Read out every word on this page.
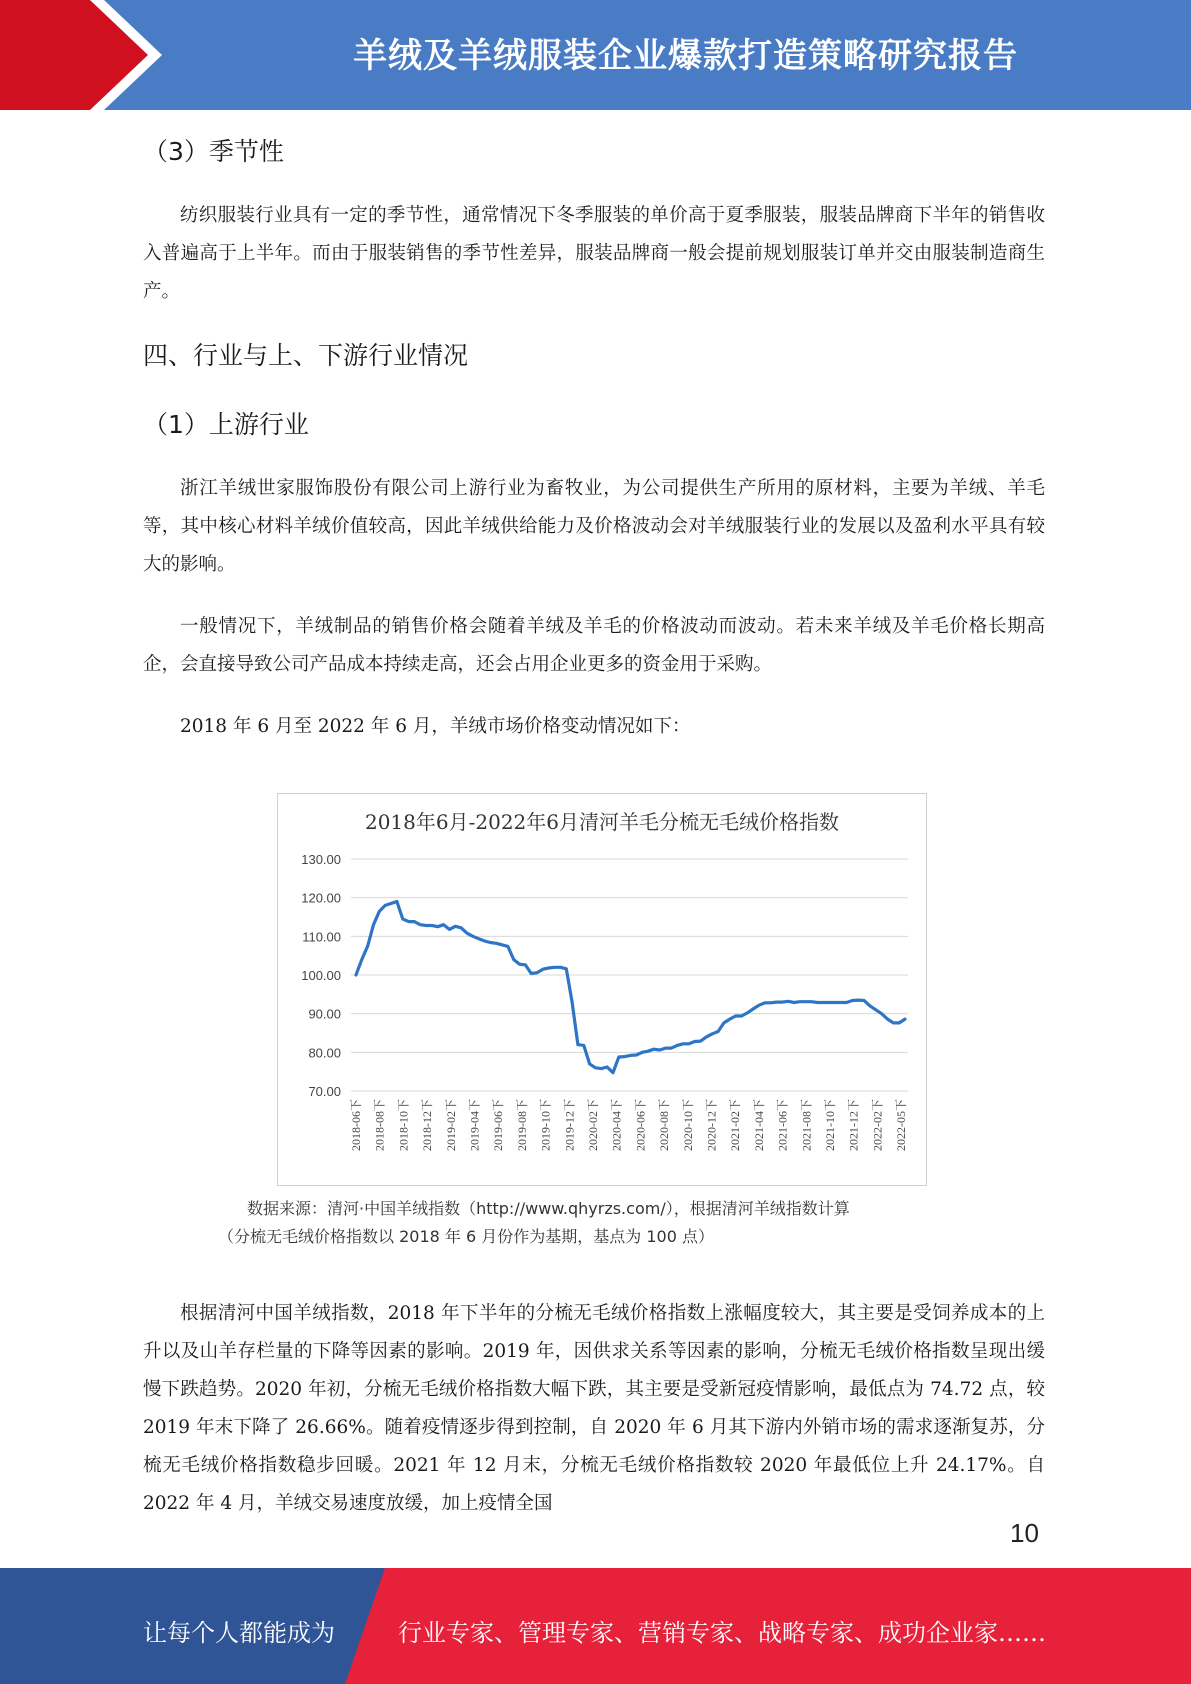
羊绒及羊绒服装企业爆款打造策略研究报告
（3）季节性
纺织服装行业具有一定的季节性，通常情况下冬季服装的单价高于夏季服装，服装品牌商下半年的销售收入普遍高于上半年。而由于服装销售的季节性差异，服装品牌商一般会提前规划服装订单并交由服装制造商生产。
四、行业与上、下游行业情况
（1）上游行业
浙江羊绒世家服饰股份有限公司上游行业为畜牧业，为公司提供生产所用的原材料，主要为羊绒、羊毛等，其中核心材料羊绒价值较高，因此羊绒供给能力及价格波动会对羊绒服装行业的发展以及盈利水平具有较大的影响。
一般情况下，羊绒制品的销售价格会随着羊绒及羊毛的价格波动而波动。若未来羊绒及羊毛价格长期高企，会直接导致公司产品成本持续走高，还会占用企业更多的资金用于采购。
2018 年 6 月至 2022 年 6 月，羊绒市场价格变动情况如下：
2018年6月-2022年6月清河羊毛分梳无毛绒价格指数
130.00
120.00
110.00
100.00
90.00
80.00
70.00
2018-06下 2018-08下 2018-10下 2018-12下 2019-02下 2019-04下 2019-06下 2019-08下 2019-10下 2019-12下 2020-02下 2020-04下 2020-06下 2020-08下 2020-10下 2020-12下 2021-02下 2021-04下 2021-06下 2021-08下 2021-10下 2021-12下 2022-02下 2022-05下
数据来源：清河·中国羊绒指数（http://www.qhyrzs.com/），根据清河羊绒指数计算
（分梳无毛绒价格指数以 2018 年 6 月份作为基期，基点为 100 点）
根据清河中国羊绒指数，2018 年下半年的分梳无毛绒价格指数上涨幅度较大，其主要是受饲养成本的上升以及山羊存栏量的下降等因素的影响。2019 年，因供求关系等因素的影响，分梳无毛绒价格指数呈现出缓慢下跌趋势。2020 年初，分梳无毛绒价格指数大幅下跌，其主要是受新冠疫情影响，最低点为 74.72 点，较 2019 年末下降了 26.66%。随着疫情逐步得到控制，自 2020 年 6 月其下游内外销市场的需求逐渐复苏，分梳无毛绒价格指数稳步回暖。2021 年 12 月末，分梳无毛绒价格指数较 2020 年最低位上升 24.17%。自 2022 年 4 月，羊绒交易速度放缓，加上疫情全国
10
让每个人都能成为	行业专家、管理专家、营销专家、战略专家、成功企业家……
